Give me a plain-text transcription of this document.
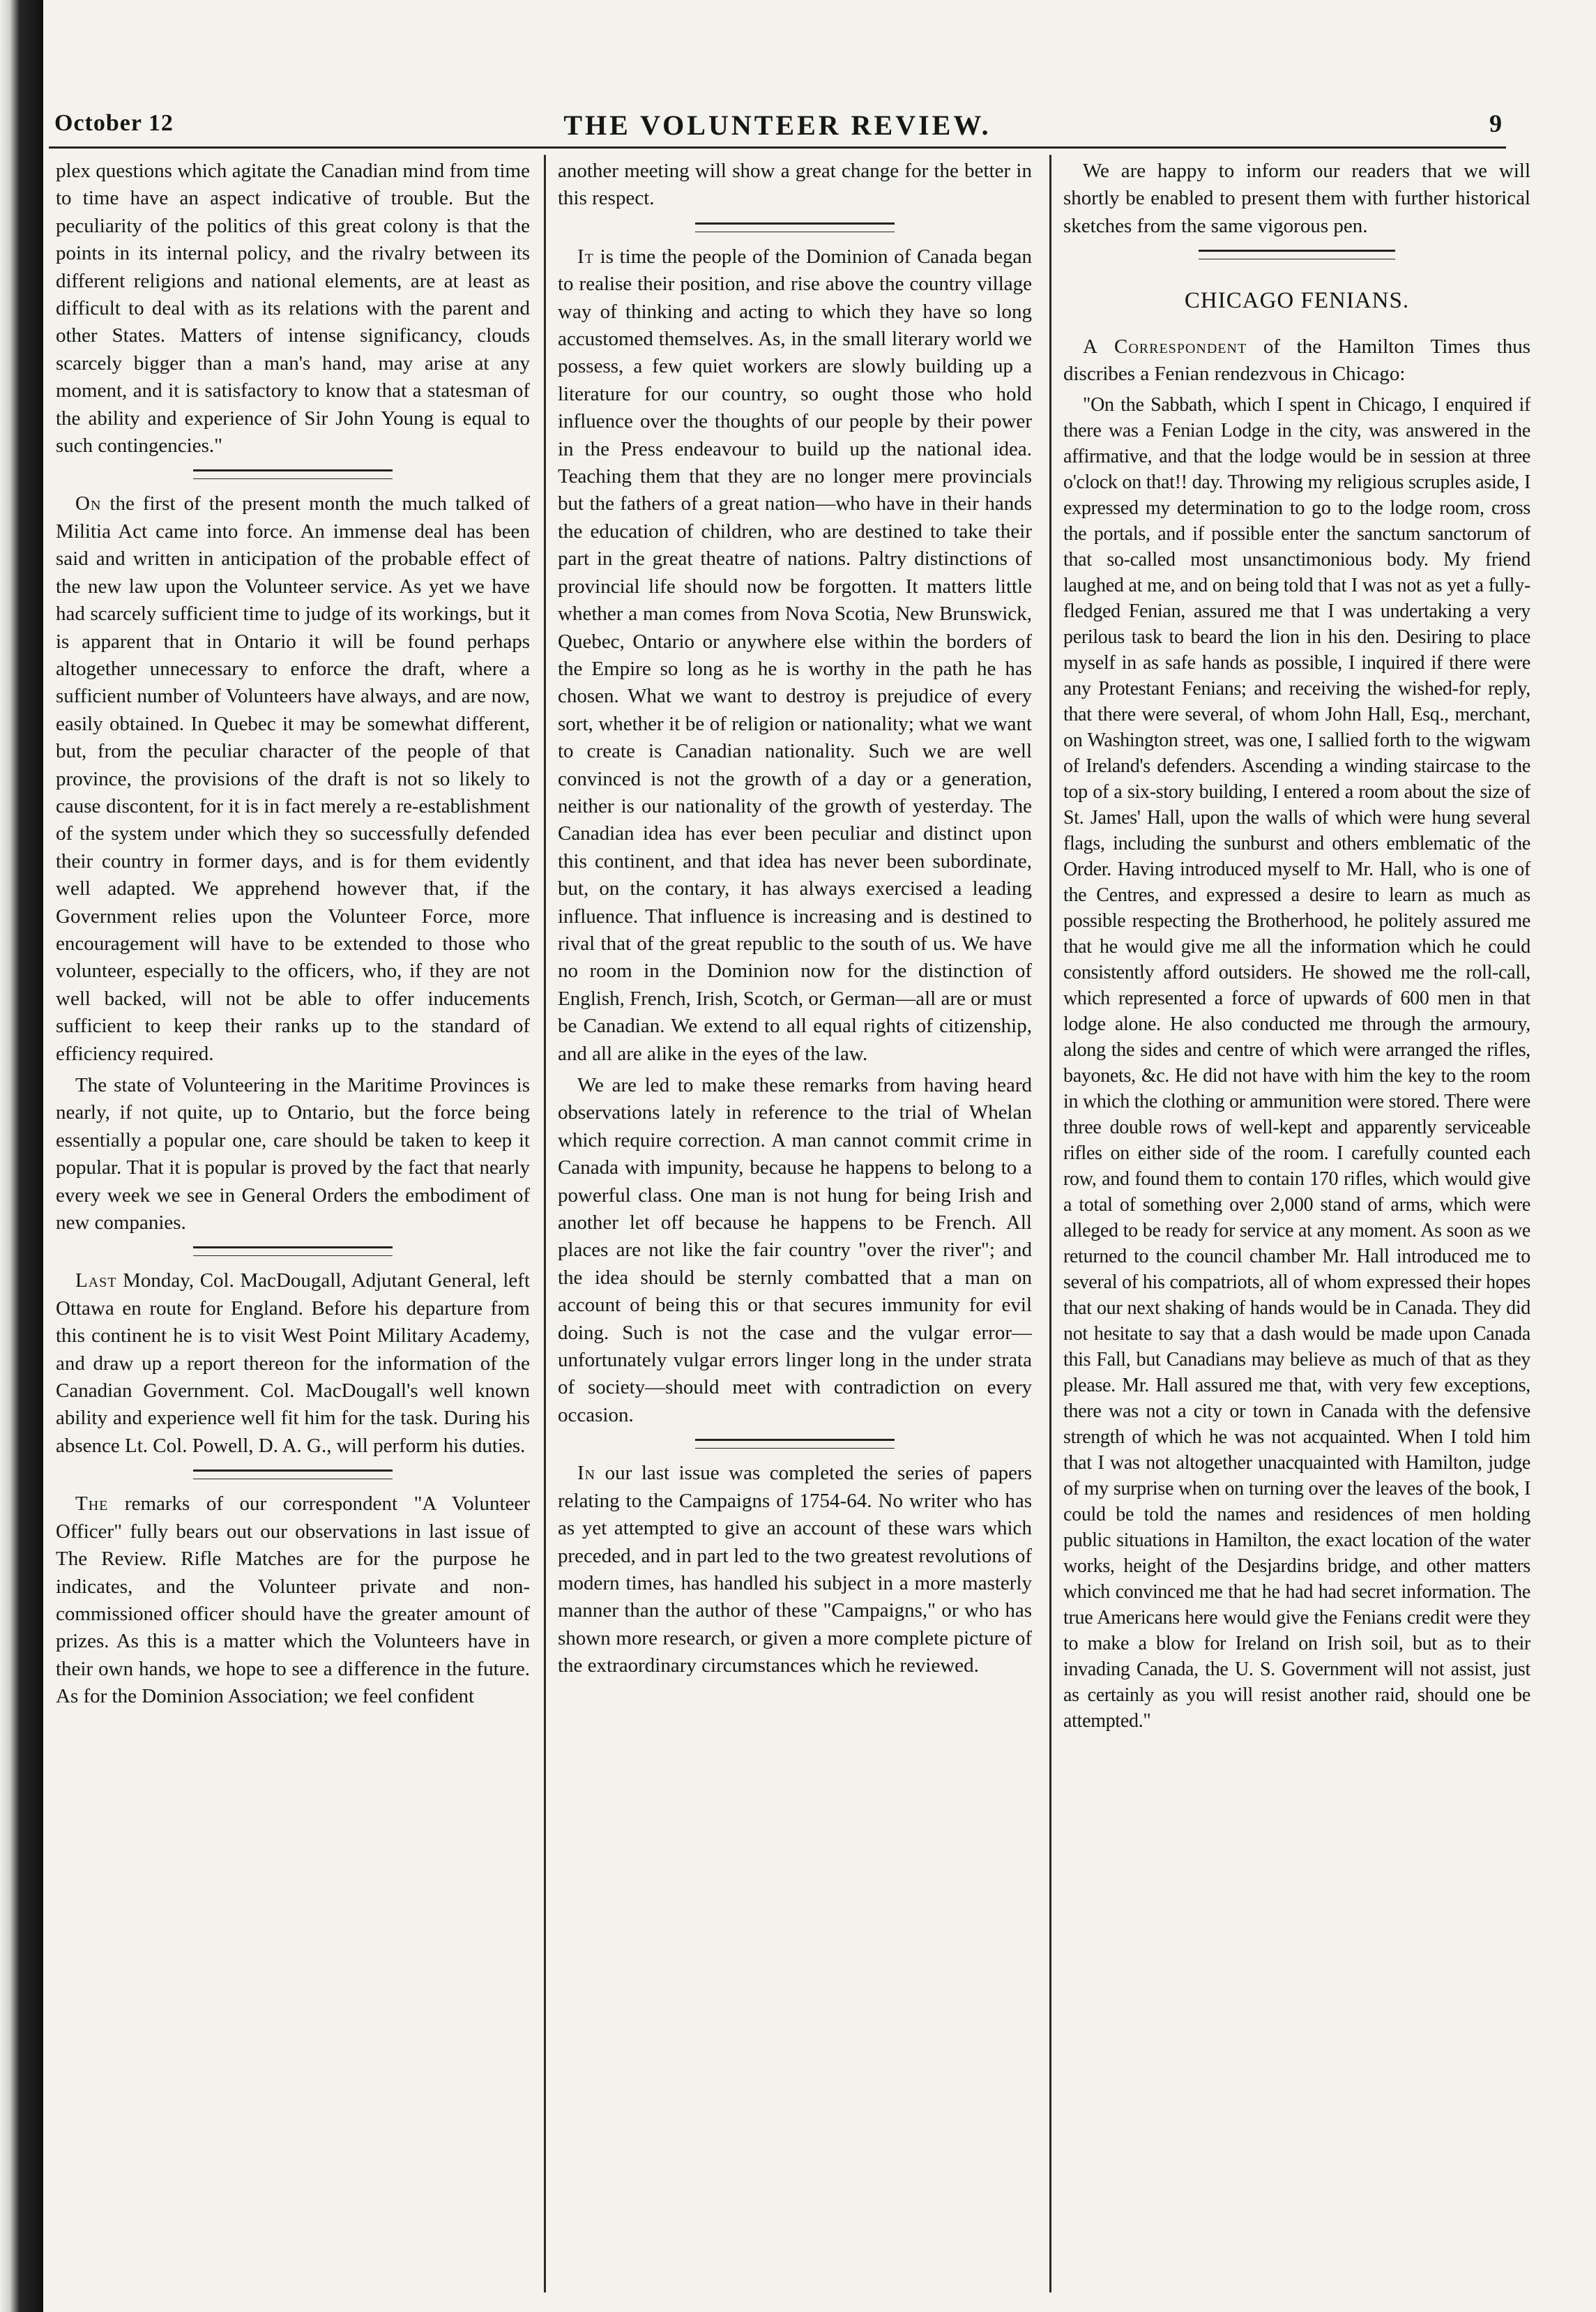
October 12	THE VOLUNTEER REVIEW.	9

plex questions which agitate the Canadian mind from time to time have an aspect indicative of trouble. But the peculiarity of the politics of this great colony is that the points in its internal policy, and the rivalry between its different religions and national elements, are at least as difficult to deal with as its relations with the parent and other States. Matters of intense significancy, clouds scarcely bigger than a man's hand, may arise at any moment, and it is satisfactory to know that a statesman of the ability and experience of Sir John Young is equal to such contingencies."

On the first of the present month the much talked of Militia Act came into force. An immense deal has been said and written in anticipation of the probable effect of the new law upon the Volunteer service. As yet we have had scarcely sufficient time to judge of its workings, but it is apparent that in Ontario it will be found perhaps altogether unnecessary to enforce the draft, where a sufficient number of Volunteers have always, and are now, easily obtained. In Quebec it may be somewhat different, but, from the peculiar character of the people of that province, the provisions of the draft is not so likely to cause discontent, for it is in fact merely a re-establishment of the system under which they so successfully defended their country in former days, and is for them evidently well adapted. We apprehend however that, if the Government relies upon the Volunteer Force, more encouragement will have to be extended to those who volunteer, especially to the officers, who, if they are not well backed, will not be able to offer inducements sufficient to keep their ranks up to the standard of efficiency required.

The state of Volunteering in the Maritime Provinces is nearly, if not quite, up to Ontario, but the force being essentially a popular one, care should be taken to keep it popular. That it is popular is proved by the fact that nearly every week we see in General Orders the embodiment of new companies.

Last Monday, Col. MacDougall, Adjutant General, left Ottawa en route for England. Before his departure from this continent he is to visit West Point Military Academy, and draw up a report thereon for the information of the Canadian Government. Col. MacDougall's well known ability and experience well fit him for the task. During his absence Lt. Col. Powell, D. A. G., will perform his duties.

The remarks of our correspondent "A Volunteer Officer" fully bears out our observations in last issue of The Review. Rifle Matches are for the purpose he indicates, and the Volunteer private and non-commissioned officer should have the greater amount of prizes. As this is a matter which the Volunteers have in their own hands, we hope to see a difference in the future. As for the Dominion Association; we feel confident

another meeting will show a great change for the better in this respect.

It is time the people of the Dominion of Canada began to realise their position, and rise above the country village way of thinking and acting to which they have so long accustomed themselves. As, in the small literary world we possess, a few quiet workers are slowly building up a literature for our country, so ought those who hold influence over the thoughts of our people by their power in the Press endeavour to build up the national idea. Teaching them that they are no longer mere provincials but the fathers of a great nation—who have in their hands the education of children, who are destined to take their part in the great theatre of nations. Paltry distinctions of provincial life should now be forgotten. It matters little whether a man comes from Nova Scotia, New Brunswick, Quebec, Ontario or anywhere else within the borders of the Empire so long as he is worthy in the path he has chosen. What we want to destroy is prejudice of every sort, whether it be of religion or nationality; what we want to create is Canadian nationality. Such we are well convinced is not the growth of a day or a generation, neither is our nationality of the growth of yesterday. The Canadian idea has ever been peculiar and distinct upon this continent, and that idea has never been subordinate, but, on the contary, it has always exercised a leading influence. That influence is increasing and is destined to rival that of the great republic to the south of us. We have no room in the Dominion now for the distinction of English, French, Irish, Scotch, or German—all are or must be Canadian. We extend to all equal rights of citizenship, and all are alike in the eyes of the law.

We are led to make these remarks from having heard observations lately in reference to the trial of Whelan which require correction. A man cannot commit crime in Canada with impunity, because he happens to belong to a powerful class. One man is not hung for being Irish and another let off because he happens to be French. All places are not like the fair country "over the river"; and the idea should be sternly combatted that a man on account of being this or that secures immunity for evil doing. Such is not the case and the vulgar error—unfortunately vulgar errors linger long in the under strata of society—should meet with contradiction on every occasion.

In our last issue was completed the series of papers relating to the Campaigns of 1754-64. No writer who has as yet attempted to give an account of these wars which preceded, and in part led to the two greatest revolutions of modern times, has handled his subject in a more masterly manner than the author of these "Campaigns," or who has shown more research, or given a more complete picture of the extraordinary circumstances which he reviewed.

We are happy to inform our readers that we will shortly be enabled to present them with further historical sketches from the same vigorous pen.

CHICAGO FENIANS.

A Correspondent of the Hamilton Times thus discribes a Fenian rendezvous in Chicago:

"On the Sabbath, which I spent in Chicago, I enquired if there was a Fenian Lodge in the city, was answered in the affirmative, and that the lodge would be in session at three o'clock on that!! day. Throwing my religious scruples aside, I expressed my determination to go to the lodge room, cross the portals, and if possible enter the sanctum sanctorum of that so-called most unsanctimonious body. My friend laughed at me, and on being told that I was not as yet a fully-fledged Fenian, assured me that I was undertaking a very perilous task to beard the lion in his den. Desiring to place myself in as safe hands as possible, I inquired if there were any Protestant Fenians; and receiving the wished-for reply, that there were several, of whom John Hall, Esq., merchant, on Washington street, was one, I sallied forth to the wigwam of Ireland's defenders. Ascending a winding staircase to the top of a six-story building, I entered a room about the size of St. James' Hall, upon the walls of which were hung several flags, including the sunburst and others emblematic of the Order. Having introduced myself to Mr. Hall, who is one of the Centres, and expressed a desire to learn as much as possible respecting the Brotherhood, he politely assured me that he would give me all the information which he could consistently afford outsiders. He showed me the roll-call, which represented a force of upwards of 600 men in that lodge alone. He also conducted me through the armoury, along the sides and centre of which were arranged the rifles, bayonets, &c. He did not have with him the key to the room in which the clothing or ammunition were stored. There were three double rows of well-kept and apparently serviceable rifles on either side of the room. I carefully counted each row, and found them to contain 170 rifles, which would give a total of something over 2,000 stand of arms, which were alleged to be ready for service at any moment. As soon as we returned to the council chamber Mr. Hall introduced me to several of his compatriots, all of whom expressed their hopes that our next shaking of hands would be in Canada. They did not hesitate to say that a dash would be made upon Canada this Fall, but Canadians may believe as much of that as they please. Mr. Hall assured me that, with very few exceptions, there was not a city or town in Canada with the defensive strength of which he was not acquainted. When I told him that I was not altogether unacquainted with Hamilton, judge of my surprise when on turning over the leaves of the book, I could be told the names and residences of men holding public situations in Hamilton, the exact location of the water works, height of the Desjardins bridge, and other matters which convinced me that he had had secret information. The true Americans here would give the Fenians credit were they to make a blow for Ireland on Irish soil, but as to their invading Canada, the U. S. Government will not assist, just as certainly as you will resist another raid, should one be attempted."
